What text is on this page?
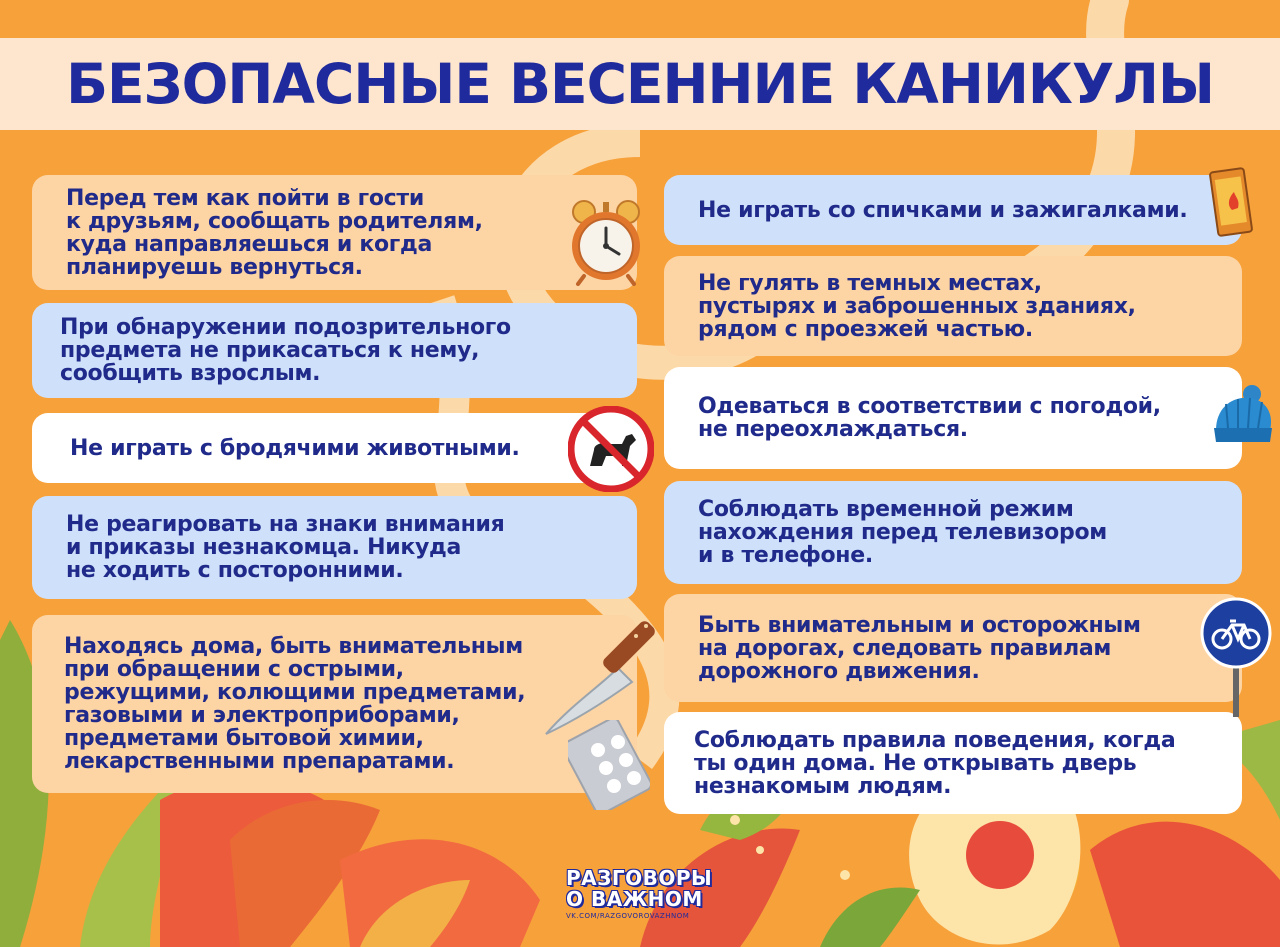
БЕЗОПАСНЫЕ ВЕСЕННИЕ КАНИКУЛЫ
Перед тем как пойти в гости
к друзьям, сообщать родителям,
куда направляешься и когда
планируешь вернуться.
При обнаружении подозрительного
предмета не прикасаться к нему,
сообщить взрослым.
Не играть с бродячими животными.
Не реагировать на знаки внимания
и приказы незнакомца. Никуда
не ходить с посторонними.
Находясь дома, быть внимательным
при обращении с острыми,
режущими, колющими предметами,
газовыми и электроприборами,
предметами бытовой химии,
лекарственными препаратами.
Не играть со спичками и зажигалками.
Не гулять в темных местах,
пустырях и заброшенных зданиях,
рядом с проезжей частью.
Одеваться в соответствии с погодой,
не переохлаждаться.
Соблюдать временной режим
нахождения перед телевизором
и в телефоне.
Быть внимательным и осторожным
на дорогах, следовать правилам
дорожного движения.
Соблюдать правила поведения, когда
ты один дома. Не открывать дверь
незнакомым людям.
РАЗГОВОРЫ
О ВАЖНОМ
VK.COM/RAZGOVOROVAZHNOM
